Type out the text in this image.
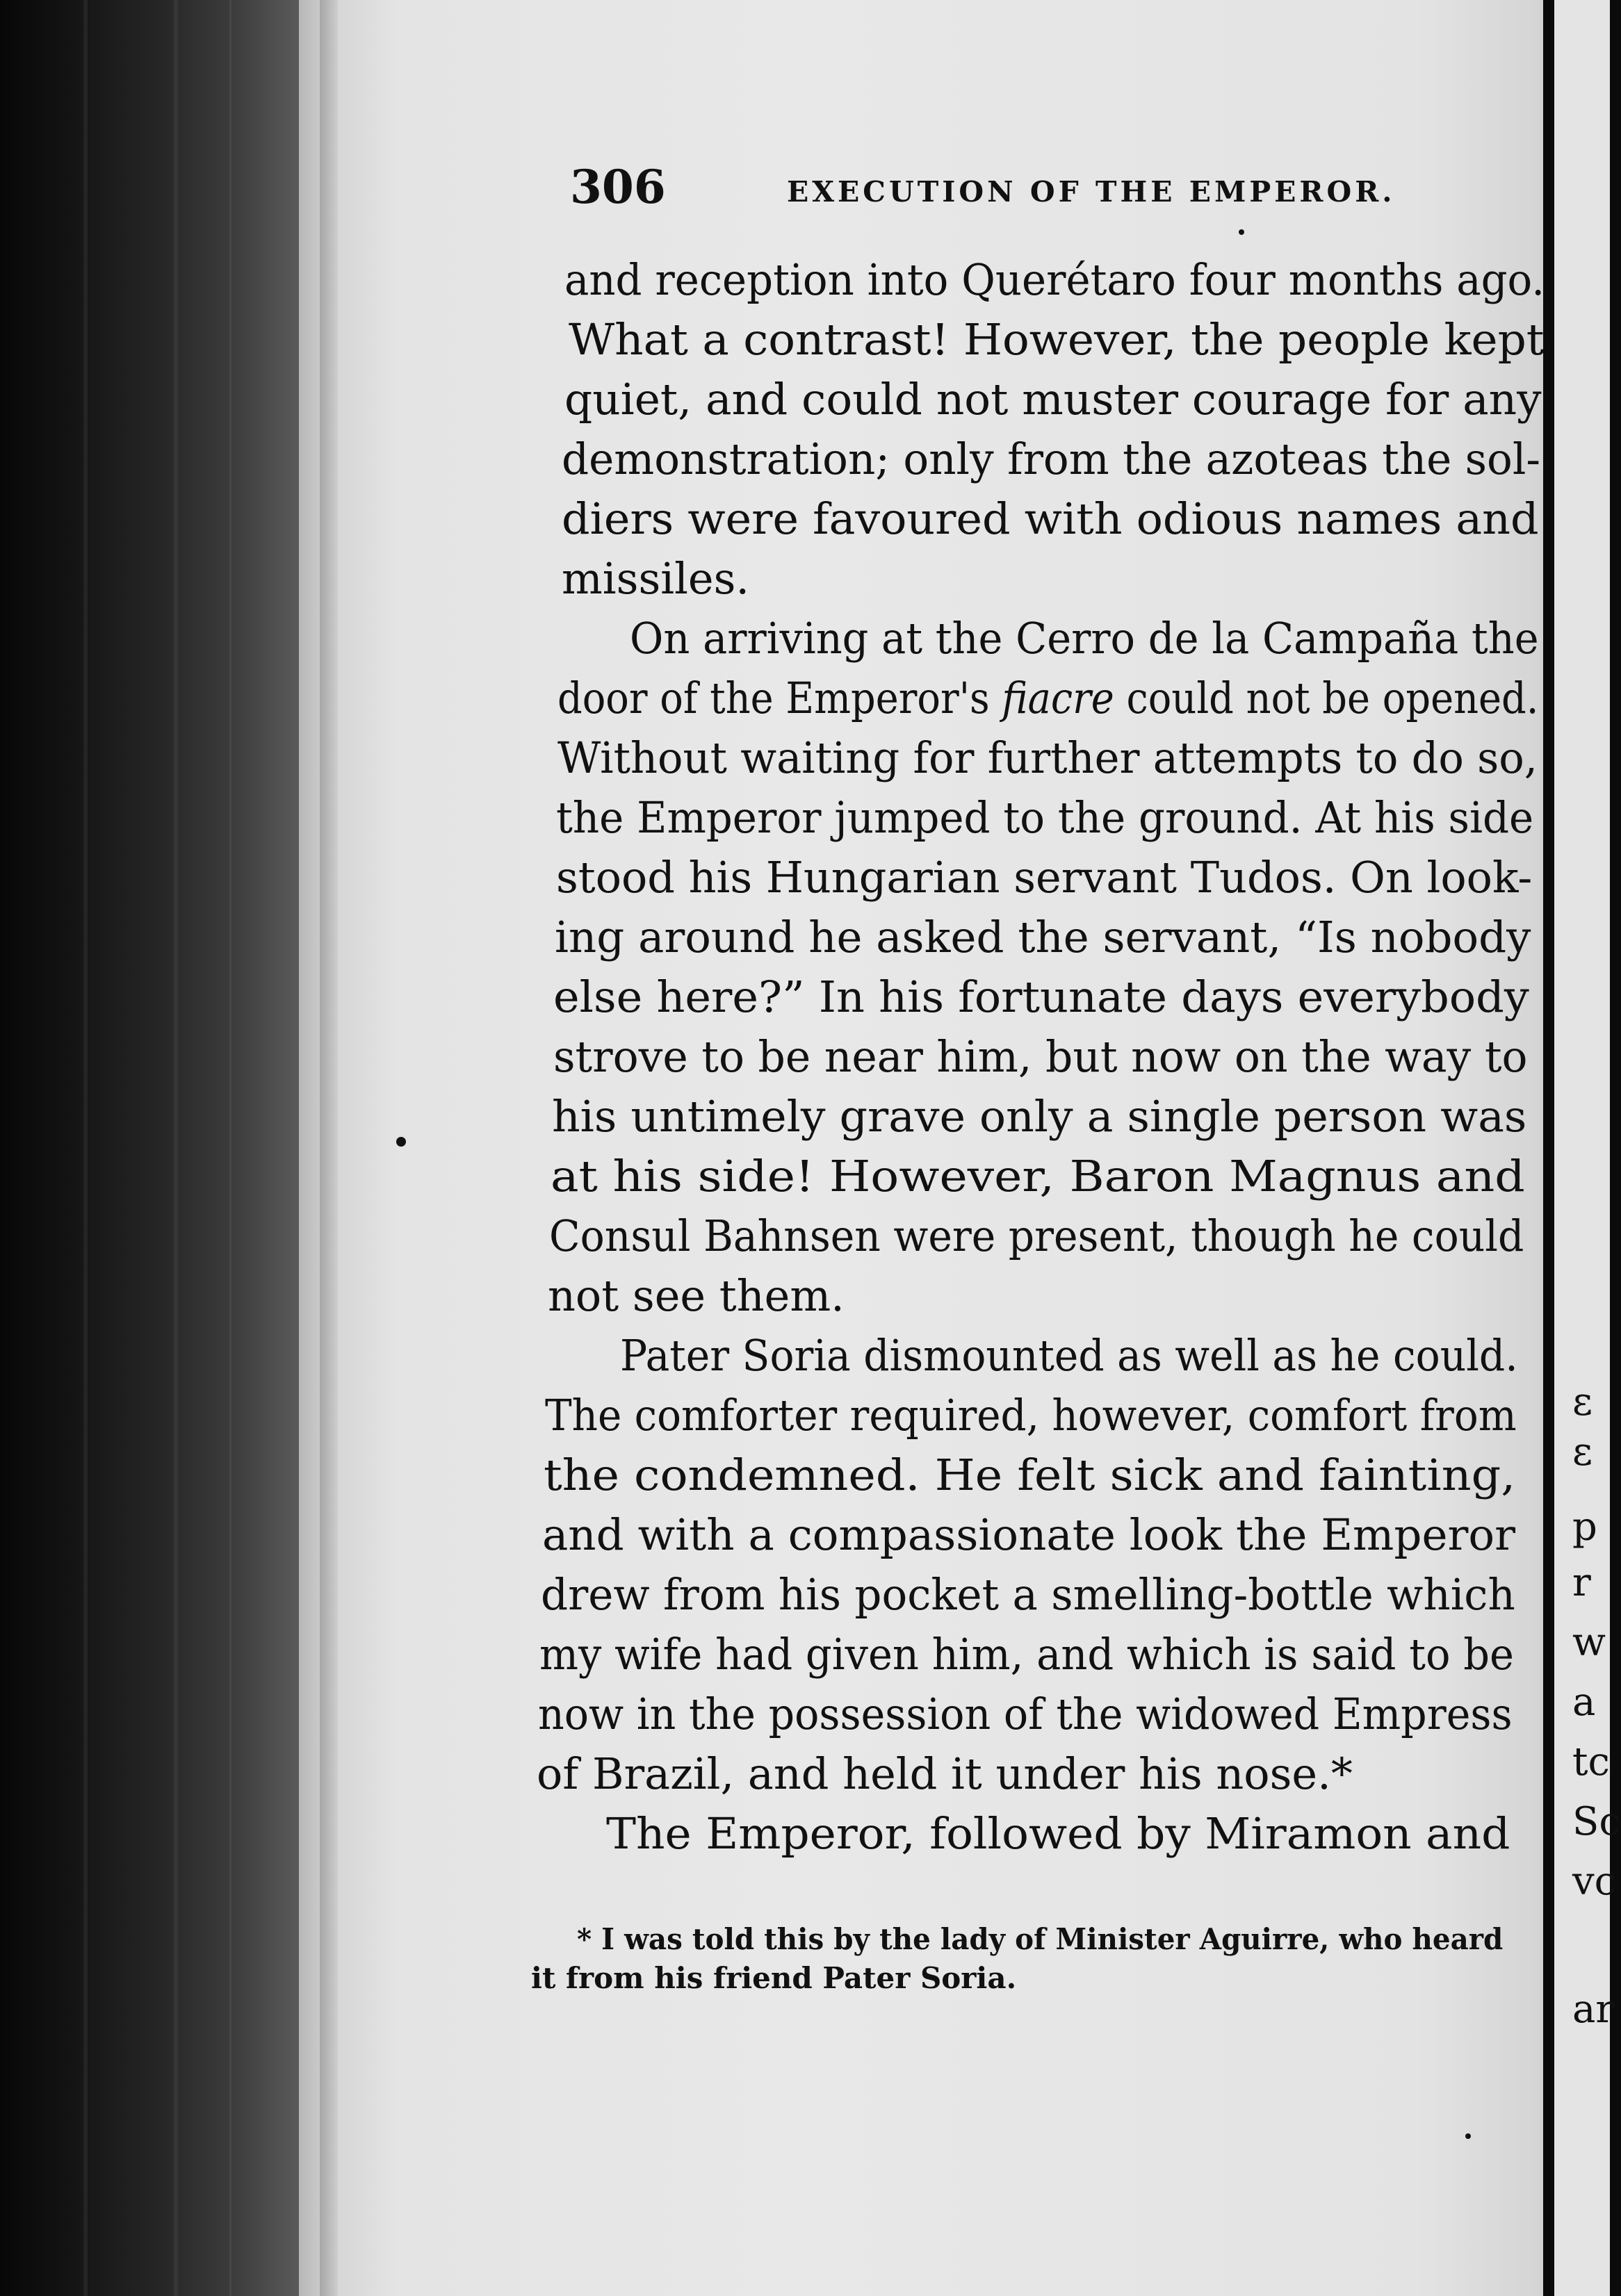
ε
ε
p
r
w
a
tc
Sc
vc
ar
306	EXECUTION OF THE EMPEROR.
and reception into Querétaro four months ago.
What a contrast! However, the people kept
quiet, and could not muster courage for any
demonstration; only from the azoteas the sol-
diers were favoured with odious names and
missiles.
On arriving at the Cerro de la Campaña the
door of the Emperor's fiacre could not be opened.
Without waiting for further attempts to do so,
the Emperor jumped to the ground. At his side
stood his Hungarian servant Tudos. On look-
ing around he asked the servant, “Is nobody
else here?” In his fortunate days everybody
strove to be near him, but now on the way to
his untimely grave only a single person was
at his side! However, Baron Magnus and
Consul Bahnsen were present, though he could
not see them.
Pater Soria dismounted as well as he could.
The comforter required, however, comfort from
the condemned. He felt sick and fainting,
and with a compassionate look the Emperor
drew from his pocket a smelling-bottle which
my wife had given him, and which is said to be
now in the possession of the widowed Empress
of Brazil, and held it under his nose.*
The Emperor, followed by Miramon and
* I was told this by the lady of Minister Aguirre, who heard
it from his friend Pater Soria.
